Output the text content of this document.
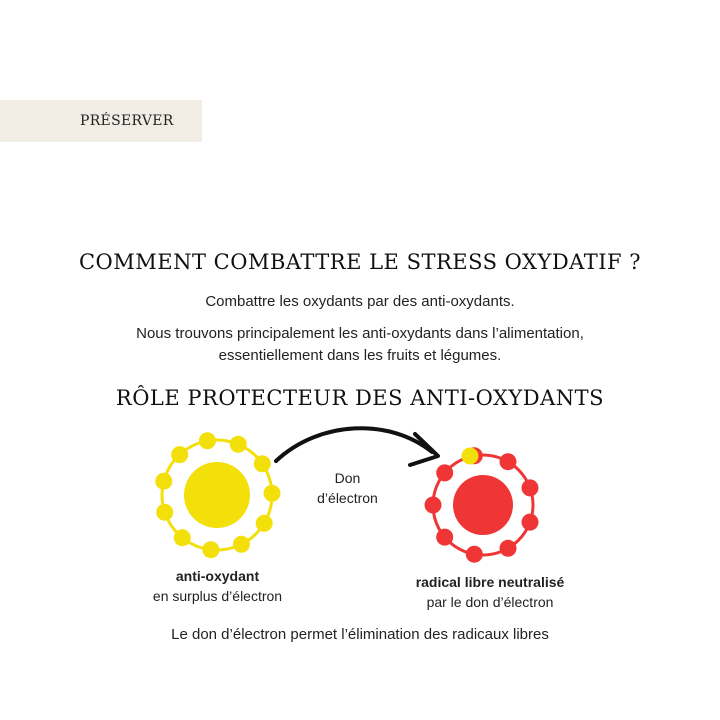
PRÉSERVER
COMMENT COMBATTRE LE STRESS OXYDATIF ?
Combattre les oxydants par des anti-oxydants.
Nous trouvons principalement les anti-oxydants dans l’alimentation,
essentiellement dans les fruits et légumes.
RÔLE PROTECTEUR DES ANTI-OXYDANTS
Don
d’électron
anti-oxydant
en surplus d’électron
radical libre neutralisé
par le don d’électron
Le don d’électron permet l’élimination des radicaux libres
